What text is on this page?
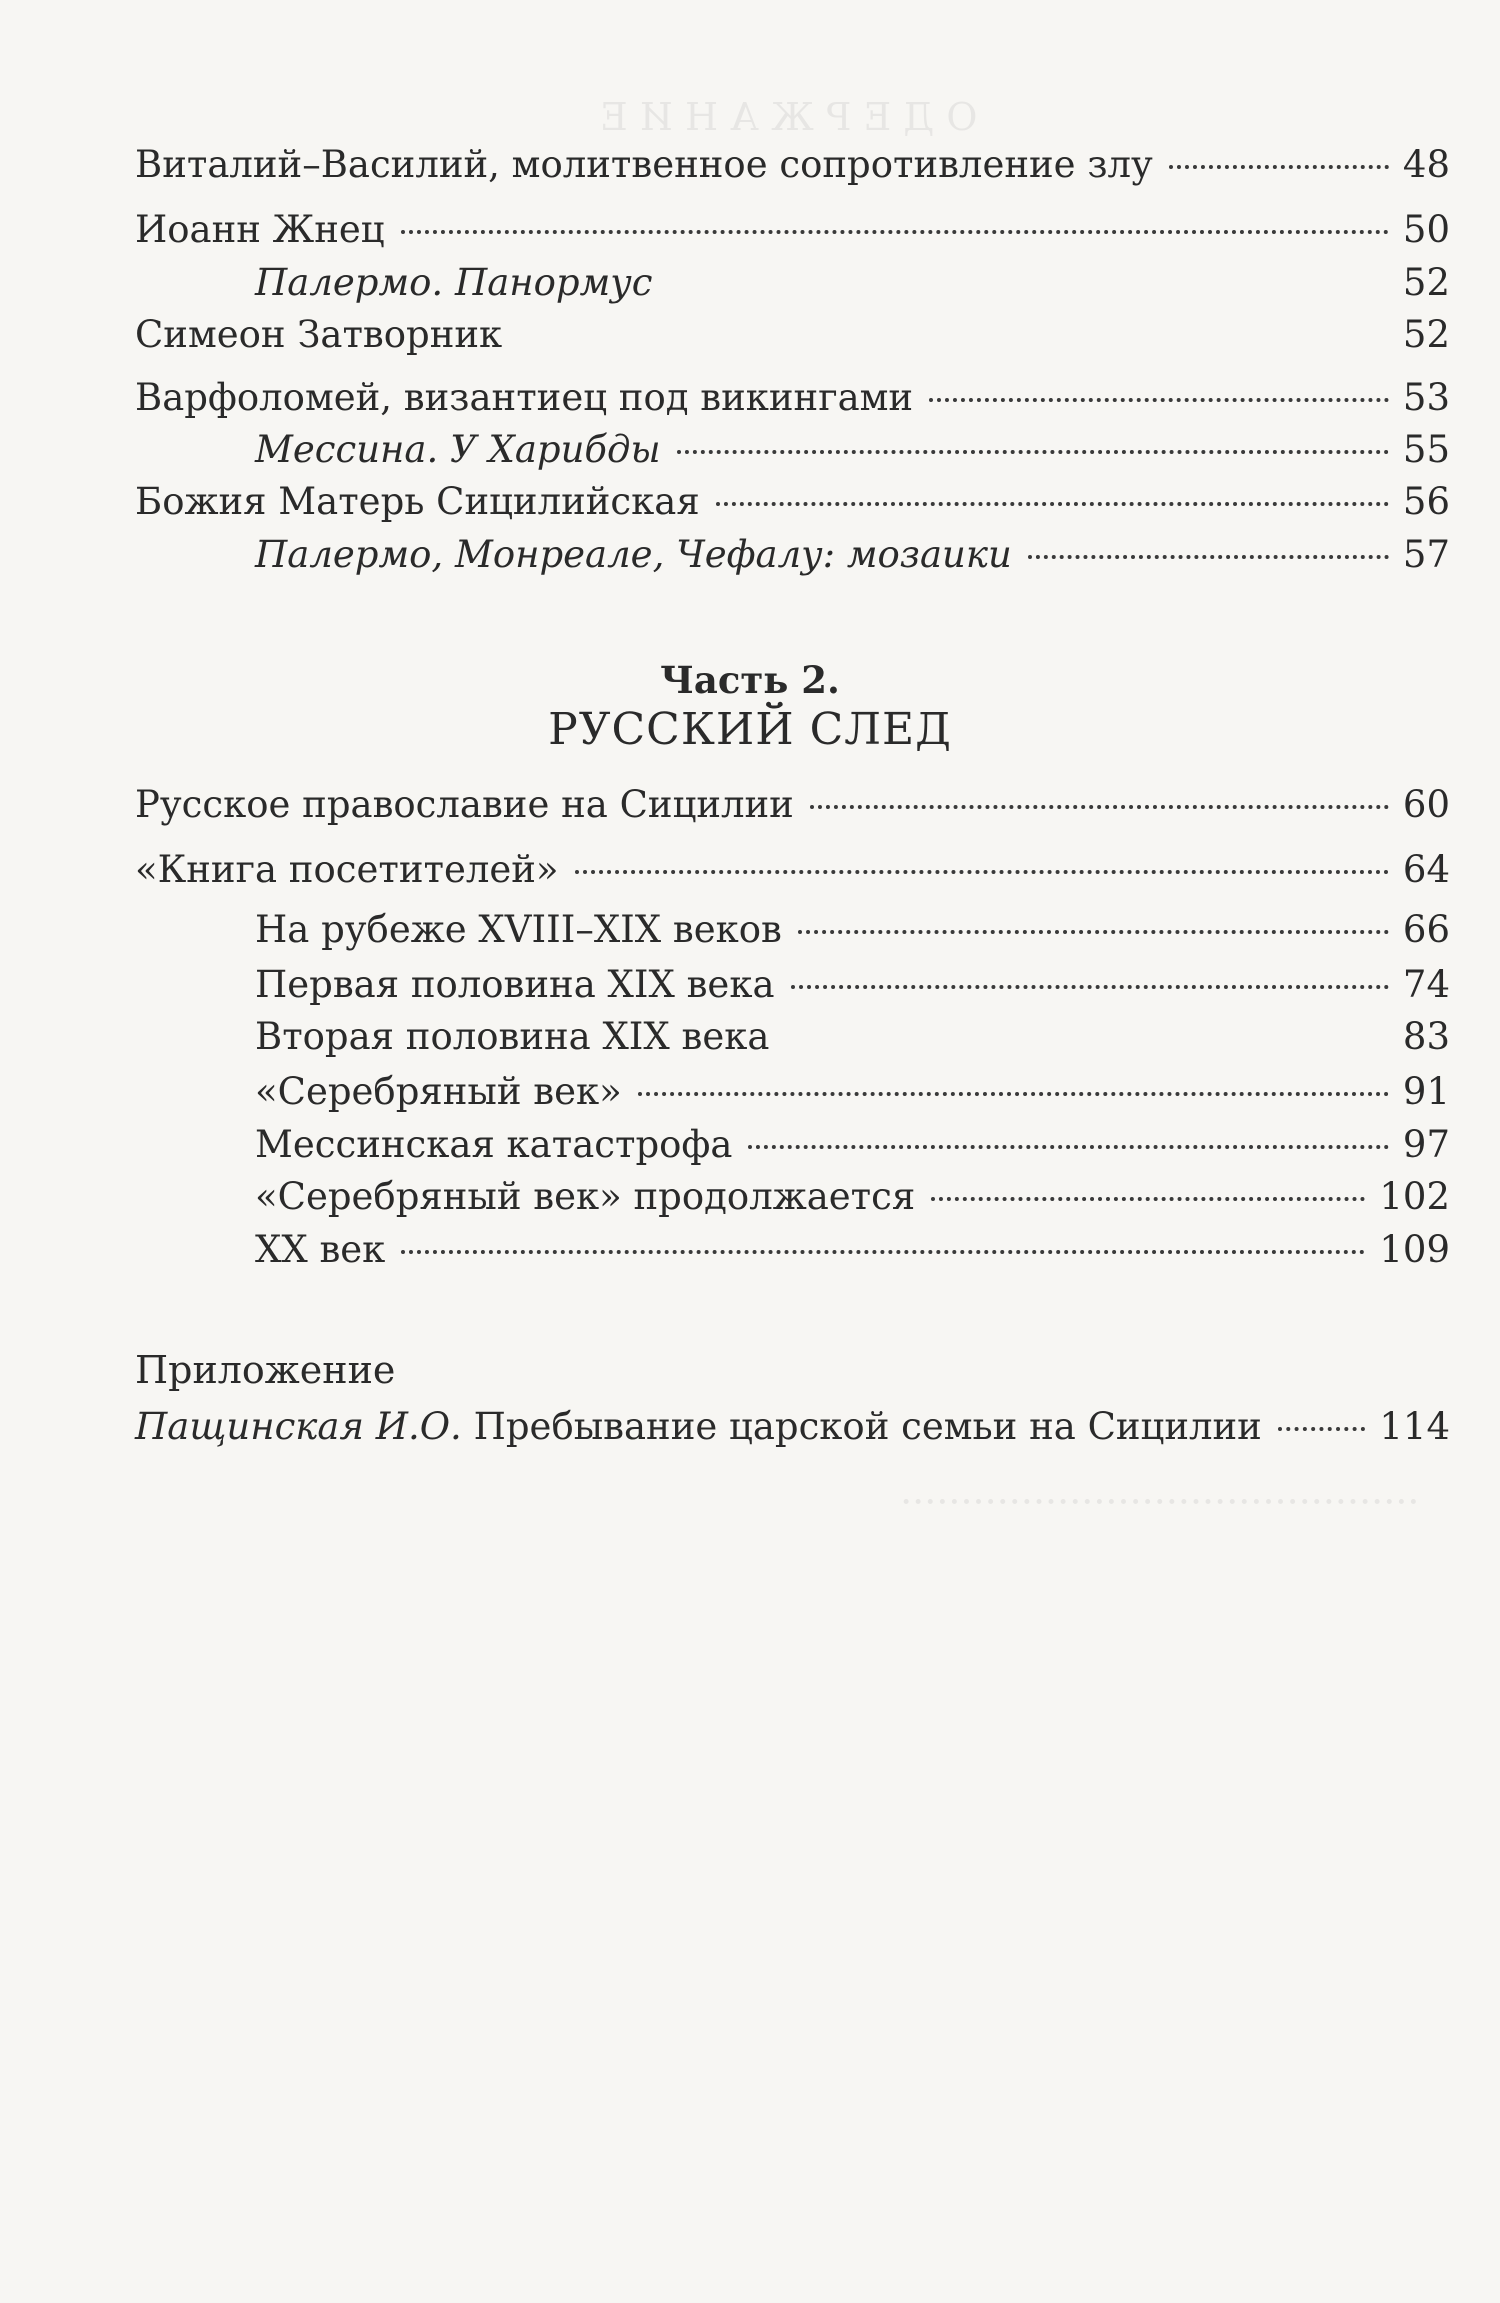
О Д Е Р Ж А Н И Е
···········································
Виталий–Василий, молитвенное сопротивление злу	48
Иоанн Жнец	50
Палермо. Панормус	52
Симеон Затворник	52
Варфоломей, византиец под викингами	53
Мессина. У Харибды	55
Божия Матерь Сицилийская	56
Палермо, Монреале, Чефалу: мозаики	57
Часть 2.
РУССКИЙ СЛЕД
Русское православие на Сицилии	60
«Книга посетителей»	64
На рубеже XVIII–XIX веков	66
Первая половина XIX века	74
Вторая половина XIX века	83
«Серебряный век»	91
Мессинская катастрофа	97
«Серебряный век» продолжается	102
XX век	109
Приложение
Пащинская И.О. Пребывание царской семьи на Сицилии	114
